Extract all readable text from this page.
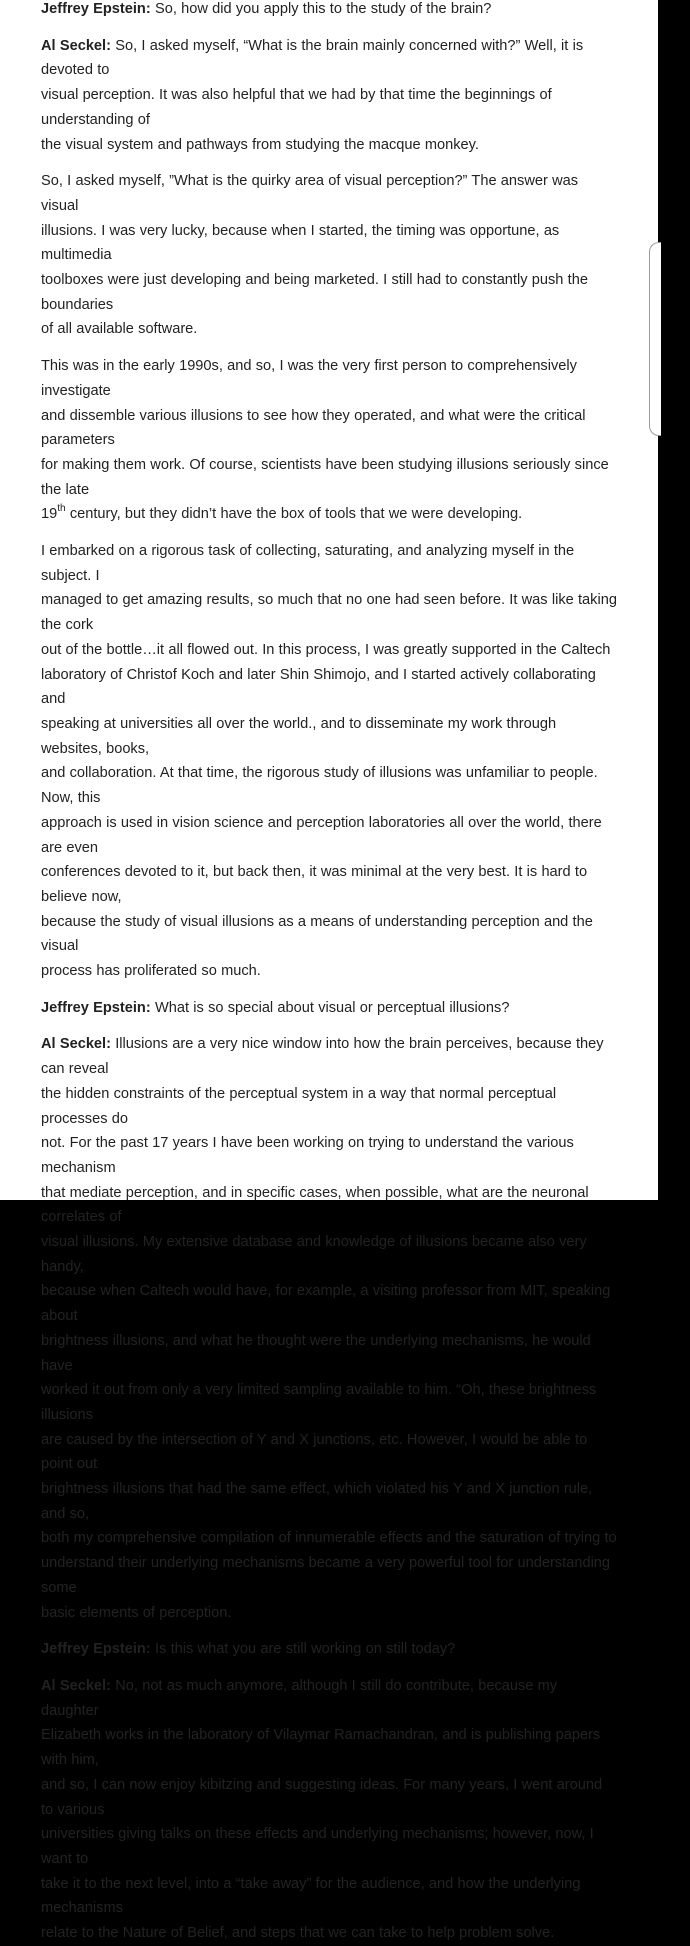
Jeffrey Epstein: So, how did you apply this to the study of the brain?
Al Seckel: So, I asked myself, “What is the brain mainly concerned with?” Well, it is devoted to
visual perception. It was also helpful that we had by that time the beginnings of understanding of
the visual system and pathways from studying the macque monkey.
So, I asked myself, ”What is the quirky area of visual perception?” The answer was visual
illusions. I was very lucky, because when I started, the timing was opportune, as multimedia
toolboxes were just developing and being marketed. I still had to constantly push the boundaries
of all available software.
This was in the early 1990s, and so, I was the very first person to comprehensively investigate
and dissemble various illusions to see how they operated, and what were the critical parameters
for making them work. Of course, scientists have been studying illusions seriously since the late
19th century, but they didn’t have the box of tools that we were developing.
I embarked on a rigorous task of collecting, saturating, and analyzing myself in the subject. I
managed to get amazing results, so much that no one had seen before. It was like taking the cork
out of the bottle…it all flowed out. In this process, I was greatly supported in the Caltech
laboratory of Christof Koch and later Shin Shimojo, and I started actively collaborating and
speaking at universities all over the world., and to disseminate my work through websites, books,
and collaboration. At that time, the rigorous study of illusions was unfamiliar to people. Now, this
approach is used in vision science and perception laboratories all over the world, there are even
conferences devoted to it, but back then, it was minimal at the very best. It is hard to believe now,
because the study of visual illusions as a means of understanding perception and the visual
process has proliferated so much.
Jeffrey Epstein: What is so special about visual or perceptual illusions?
Al Seckel: Illusions are a very nice window into how the brain perceives, because they can reveal
the hidden constraints of the perceptual system in a way that normal perceptual processes do
not. For the past 17 years I have been working on trying to understand the various mechanism
that mediate perception, and in specific cases, when possible, what are the neuronal correlates of
visual illusions. My extensive database and knowledge of illusions became also very handy,
because when Caltech would have, for example, a visiting professor from MIT, speaking about
brightness illusions, and what he thought were the underlying mechanisms, he would have
worked it out from only a very limited sampling available to him. “Oh, these brightness illusions
are caused by the intersection of Y and X junctions, etc. However, I would be able to point out
brightness illusions that had the same effect, which violated his Y and X junction rule, and so,
both my comprehensive compilation of innumerable effects and the saturation of trying to
understand their underlying mechanisms became a very powerful tool for understanding some
basic elements of perception.
Jeffrey Epstein: Is this what you are still working on still today?
Al Seckel: No, not as much anymore, although I still do contribute, because my daughter
Elizabeth works in the laboratory of Vilaymar Ramachandran, and is publishing papers with him,
and so, I can now enjoy kibitzing and suggesting ideas. For many years, I went around to various
universities giving talks on these effects and underlying mechanisms; however, now, I want to
take it to the next level, into a “take away” for the audience, and how the underlying mechanisms
relate to the Nature of Belief, and steps that we can take to help problem solve.
